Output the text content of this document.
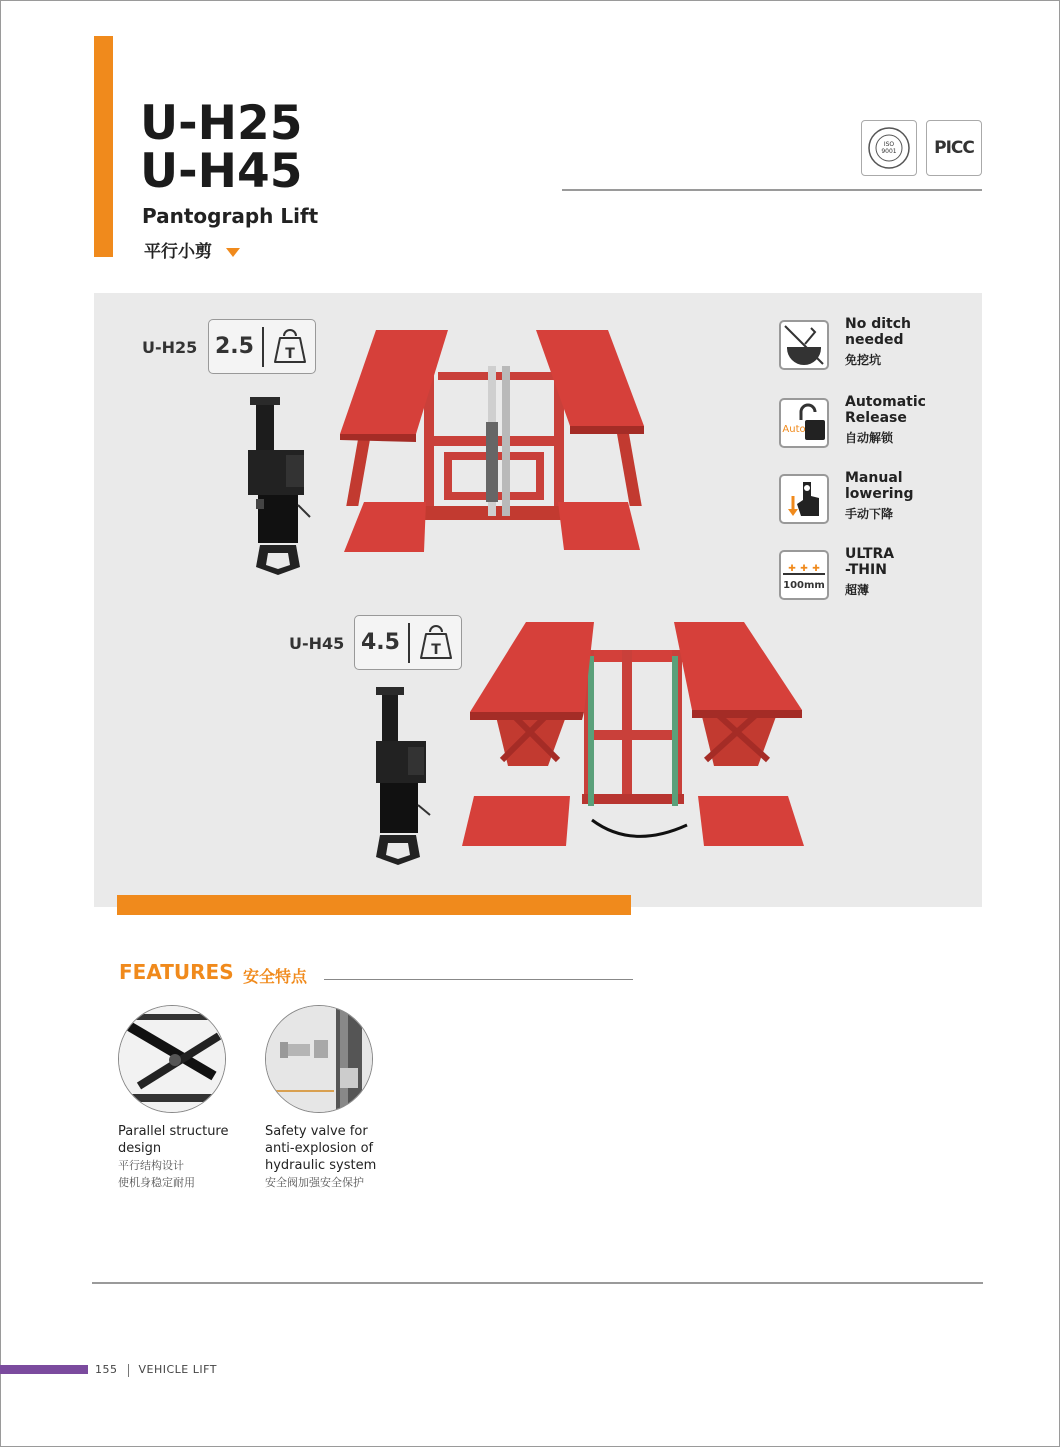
U-H25
U-H45
Pantograph Lift
平行小剪
ISO
9001 PICC
U-H25 2.5 T
U-H45 4.5 T
No ditch needed
免挖坑
Auto
Automatic Release
自动解锁
Manual lowering
手动下降
✚ ✚ ✚
100mm
ULTRA -THIN
超薄
FEATURES 安全特点
Parallel structure design
平行结构设计
使机身稳定耐用
Safety valve for anti-explosion of hydraulic system
安全阀加强安全保护
155 VEHICLE LIFT
